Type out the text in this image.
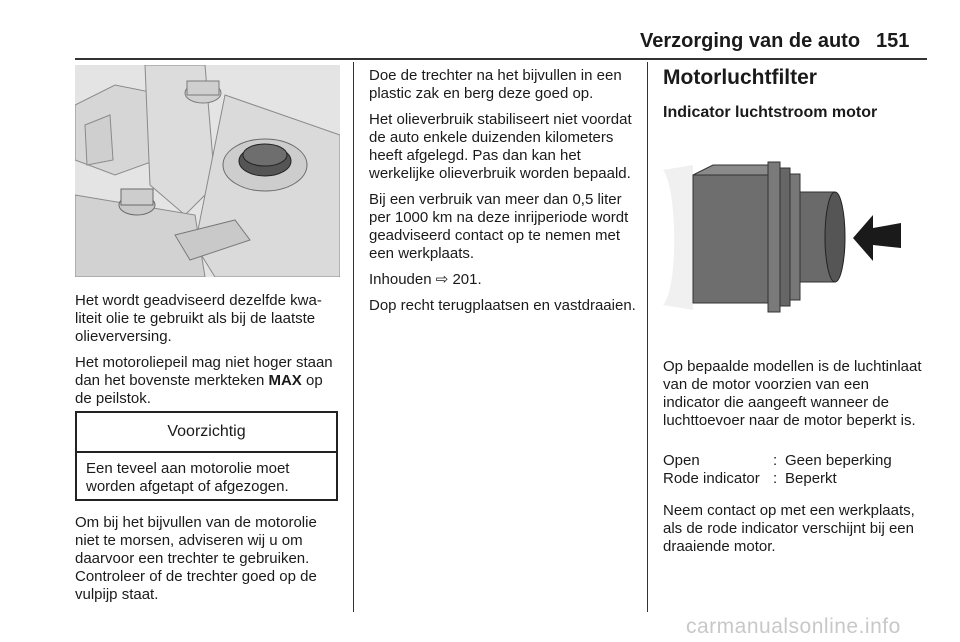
Verzorging van de auto 151

Het wordt geadviseerd dezelfde kwaliteit olie te gebruikt als bij de laatste olieverversing.

Het motoroliepeil mag niet hoger staan dan het bovenste merkteken MAX op de peilstok.

Voorzichtig
Een teveel aan motorolie moet worden afgetapt of afgezogen.

Om bij het bijvullen van de motorolie niet te morsen, adviseren wij u om daarvoor een trechter te gebruiken. Controleer of de trechter goed op de vulpijp staat.

Doe de trechter na het bijvullen in een plastic zak en berg deze goed op.

Het olieverbruik stabiliseert niet voordat de auto enkele duizenden kilometers heeft afgelegd. Pas dan kan het werkelijke olieverbruik worden bepaald.

Bij een verbruik van meer dan 0,5 liter per 1000 km na deze inrijperiode wordt geadviseerd contact op te nemen met een werkplaats.

Inhouden ⇨ 201.

Dop recht terugplaatsen en vastdraaien.

Motorluchtfilter
Indicator luchtstroom motor

Op bepaalde modellen is de luchtinlaat van de motor voorzien van een indicator die aangeeft wanneer de luchttoevoer naar de motor beperkt is.

Open	: Geen beperking
Rode indicator : Beperkt

Neem contact op met een werkplaats, als de rode indicator verschijnt bij een draaiende motor.

carmanualsonline.info
